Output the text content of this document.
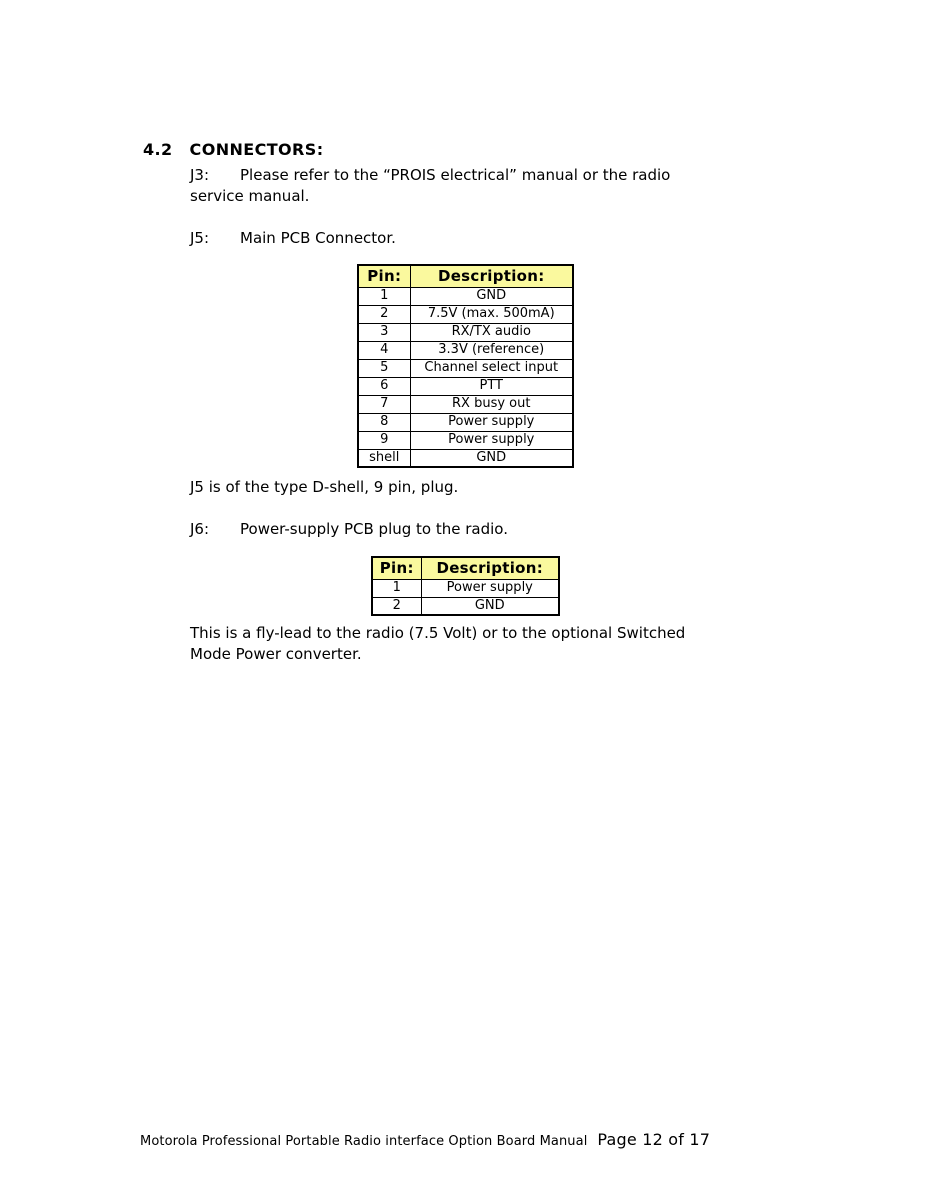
4.2 CONNECTORS:
J3: Please refer to the “PROIS electrical” manual or the radio
service manual.
J5: Main PCB Connector.
Pin:	Description:
1	GND
2	7.5V (max. 500mA)
3	RX/TX audio
4	3.3V (reference)
5	Channel select input
6	PTT
7	RX busy out
8	Power supply
9	Power supply
shell	GND
J5 is of the type D-shell, 9 pin, plug.
J6: Power-supply PCB plug to the radio.
Pin:	Description:
1	Power supply
2	GND
This is a fly-lead to the radio (7.5 Volt) or to the optional Switched
Mode Power converter.
Motorola Professional Portable Radio interface Option Board Manual Page 12 of 17
